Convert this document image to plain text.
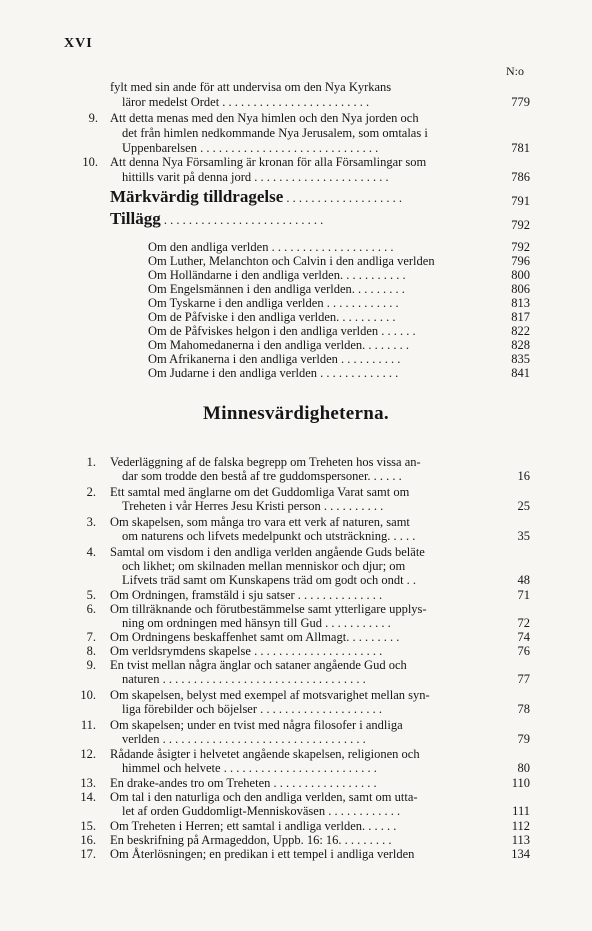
XVI
N:o
fylt med sin ande för att undervisa om den Nya Kyrkans
läror medelst Ordet . . . . . . . . . . . . . . . . . . . . . . . .	779
9. Att detta menas med den Nya himlen och den Nya jorden och
det från himlen nedkommande Nya Jerusalem, som omtalas i
Uppenbarelsen . . . . . . . . . . . . . . . . . . . . . . . . . . . . .	781
10. Att denna Nya Församling är kronan för alla Församlingar som
hittills varit på denna jord . . . . . . . . . . . . . . . . . . . . . .	786
Märkvärdig tilldragelse . . . . . . . . . . . . . . . . . . .	791
Tillägg . . . . . . . . . . . . . . . . . . . . . . . . . .	792
Om den andliga verlden . . . . . . . . . . . . . . . . . . . .	792
Om Luther, Melanchton och Calvin i den andliga verlden	796
Om Holländarne i den andliga verlden. . . . . . . . . . .	800
Om Engelsmännen i den andliga verlden. . . . . . . . .	806
Om Tyskarne i den andliga verlden . . . . . . . . . . . .	813
Om de Påfviske i den andliga verlden. . . . . . . . . .	817
Om de Påfviskes helgon i den andliga verlden . . . . . .	822
Om Mahomedanerna i den andliga verlden. . . . . . . .	828
Om Afrikanerna i den andliga verlden . . . . . . . . . .	835
Om Judarne i den andliga verlden . . . . . . . . . . . . .	841
Minnesvärdigheterna.
1. Vederläggning af de falska begrepp om Treheten hos vissa an-
dar som trodde den bestå af tre guddomspersoner. . . . . .	16
2. Ett samtal med änglarne om det Guddomliga Varat samt om
Treheten i vår Herres Jesu Kristi person . . . . . . . . . .	25
3. Om skapelsen, som många tro vara ett verk af naturen, samt
om naturens och lifvets medelpunkt och utsträckning. . . . .	35
4. Samtal om visdom i den andliga verlden angående Guds beläte
och likhet; om skilnaden mellan menniskor och djur; om
Lifvets träd samt om Kunskapens träd om godt och ondt . .	48
5. Om Ordningen, framstäld i sju satser . . . . . . . . . . . . . .	71
6. Om tillräknande och förutbestämmelse samt ytterligare upplys-
ning om ordningen med hänsyn till Gud . . . . . . . . . . .	72
7. Om Ordningens beskaffenhet samt om Allmagt. . . . . . . . .	74
8. Om verldsrymdens skapelse . . . . . . . . . . . . . . . . . . . . .	76
9. En tvist mellan några änglar och sataner angående Gud och
naturen . . . . . . . . . . . . . . . . . . . . . . . . . . . . . . . . .	77
10. Om skapelsen, belyst med exempel af motsvarighet mellan syn-
liga förebilder och böjelser . . . . . . . . . . . . . . . . . . . .	78
11. Om skapelsen; under en tvist med några filosofer i andliga
verlden . . . . . . . . . . . . . . . . . . . . . . . . . . . . . . . . .	79
12. Rådande åsigter i helvetet angående skapelsen, religionen och
himmel och helvete . . . . . . . . . . . . . . . . . . . . . . . . .	80
13. En drake-andes tro om Treheten . . . . . . . . . . . . . . . . .	110
14. Om tal i den naturliga och den andliga verlden, samt om utta-
let af orden Guddomligt-Menniskoväsen . . . . . . . . . . . .	111
15. Om Treheten i Herren; ett samtal i andliga verlden. . . . . .	112
16. En beskrifning på Armageddon, Uppb. 16: 16. . . . . . . . .	113
17. Om Återlösningen; en predikan i ett tempel i andliga verlden	134
